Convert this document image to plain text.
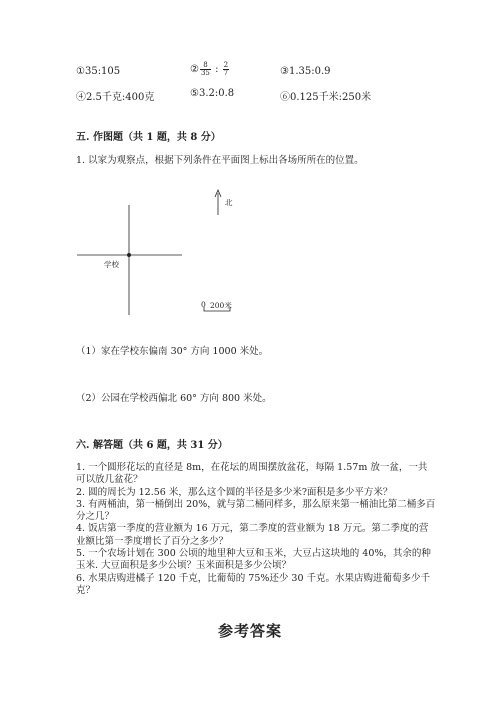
①35:105	② $\frac{8}{35}$ : $\frac{2}{7}$	③1.35:0.9
④2.5千克:400克	⑤3.2:0.8	⑥0.125千米:250米
五. 作图题（共 1 题，共 8 分）
1. 以家为观察点，根据下列条件在平面图上标出各场所所在的位置。
北
学校
0 200米
（1）家在学校东偏南 30° 方向 1000 米处。
（2）公园在学校西偏北 60° 方向 800 米处。
六. 解答题（共 6 题，共 31 分）

1. 一个圆形花坛的直径是 8m，在花坛的周围摆放盆花，每隔 1.57m 放一盆，一共可以放几盆花？

2. 圆的周长为 12.56 米，那么这个圆的半径是多少米?面积是多少平方米？

3. 有两桶油，第一桶倒出 20%，就与第二桶同样多，那么原来第一桶油比第二桶多百分之几？

4. 饭店第一季度的营业额为 16 万元，第二季度的营业额为 18 万元。第二季度的营业额比第一季度增长了百分之多少？

5. 一个农场计划在 300 公顷的地里种大豆和玉米，大豆占这块地的 40%，其余的种玉米. 大豆面积是多少公顷？玉米面积是多少公顷？

6. 水果店购进橘子 120 千克，比葡萄的 75%还少 30 千克。水果店购进葡萄多少千克？

参考答案
